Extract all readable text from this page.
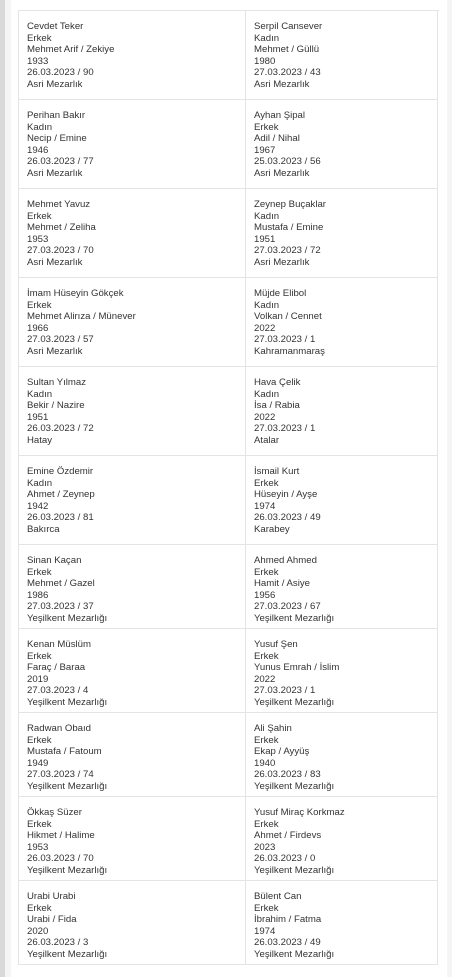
Cevdet Teker
Erkek
Mehmet Arif / Zekiye
1933
26.03.2023 / 90
Asri Mezarlık
Serpil Cansever
Kadın
Mehmet / Güllü
1980
27.03.2023 / 43
Asri Mezarlık
Perihan Bakır
Kadın
Necip / Emine
1946
26.03.2023 / 77
Asri Mezarlık
Ayhan Şipal
Erkek
Adil / Nihal
1967
25.03.2023 / 56
Asri Mezarlık
Mehmet Yavuz
Erkek
Mehmet / Zeliha
1953
27.03.2023 / 70
Asri Mezarlık
Zeynep Buçaklar
Kadın
Mustafa / Emine
1951
27.03.2023 / 72
Asri Mezarlık
İmam Hüseyin Gökçek
Erkek
Mehmet Alirıza / Münever
1966
27.03.2023 / 57
Asri Mezarlık
Müjde Elibol
Kadın
Volkan / Cennet
2022
27.03.2023 / 1
Kahramanmaraş
Sultan Yılmaz
Kadın
Bekir / Nazire
1951
26.03.2023 / 72
Hatay
Hava Çelik
Kadın
İsa / Rabia
2022
27.03.2023 / 1
Atalar
Emine Özdemir
Kadın
Ahmet / Zeynep
1942
26.03.2023 / 81
Bakırca
İsmail Kurt
Erkek
Hüseyin / Ayşe
1974
26.03.2023 / 49
Karabey
Sinan Kaçan
Erkek
Mehmet / Gazel
1986
27.03.2023 / 37
Yeşilkent Mezarlığı
Ahmed Ahmed
Erkek
Hamit / Asiye
1956
27.03.2023 / 67
Yeşilkent Mezarlığı
Kenan Müslüm
Erkek
Faraç / Baraa
2019
27.03.2023 / 4
Yeşilkent Mezarlığı
Yusuf Şen
Erkek
Yunus Emrah / İslim
2022
27.03.2023 / 1
Yeşilkent Mezarlığı
Radwan Obaıd
Erkek
Mustafa / Fatoum
1949
27.03.2023 / 74
Yeşilkent Mezarlığı
Ali Şahin
Erkek
Ekap / Ayyüş
1940
26.03.2023 / 83
Yeşilkent Mezarlığı
Ökkaş Süzer
Erkek
Hikmet / Halime
1953
26.03.2023 / 70
Yeşilkent Mezarlığı
Yusuf Miraç Korkmaz
Erkek
Ahmet / Firdevs
2023
26.03.2023 / 0
Yeşilkent Mezarlığı
Urabi Urabi
Erkek
Urabi / Fida
2020
26.03.2023 / 3
Yeşilkent Mezarlığı
Bülent Can
Erkek
İbrahim / Fatma
1974
26.03.2023 / 49
Yeşilkent Mezarlığı
